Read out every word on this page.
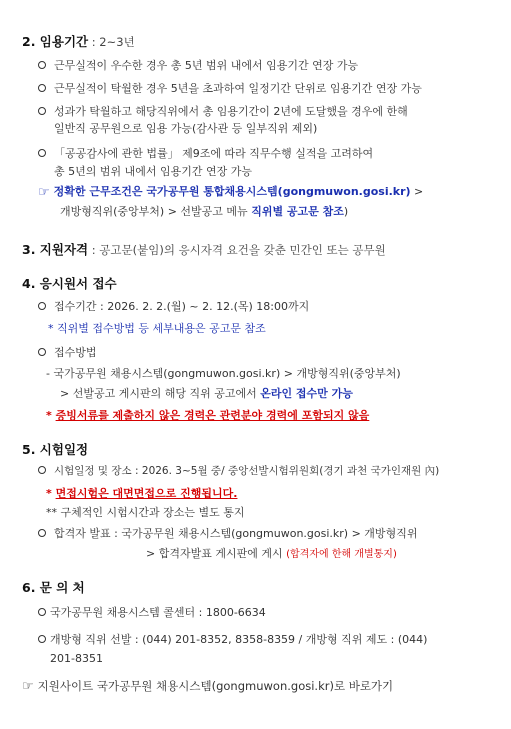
2. 임용기간 : 2~3년
근무실적이 우수한 경우 총 5년 범위 내에서 임용기간 연장 가능
근무실적이 탁월한 경우 5년을 초과하여 일정기간 단위로 임용기간 연장 가능
성과가 탁월하고 해당직위에서 총 임용기간이 2년에 도달했을 경우에 한해
일반직 공무원으로 임용 가능(감사관 등 일부직위 제외)
「공공감사에 관한 법률」 제9조에 따라 직무수행 실적을 고려하여
총 5년의 범위 내에서 임용기간 연장 가능
☞ 정확한 근무조건은 국가공무원 통합채용시스템(gongmuwon.gosi.kr) >
개방형직위(중앙부처) > 선발공고 메뉴 직위별 공고문 참조)
3. 지원자격 : 공고문(붙임)의 응시자격 요건을 갖춘 민간인 또는 공무원
4. 응시원서 접수
접수기간 : 2026. 2. 2.(월) ~ 2. 12.(목) 18:00까지
* 직위별 접수방법 등 세부내용은 공고문 참조
접수방법
- 국가공무원 채용시스템(gongmuwon.gosi.kr) > 개방형직위(중앙부처)
> 선발공고 게시판의 해당 직위 공고에서 온라인 접수만 가능
* 증빙서류를 제출하지 않은 경력은 관련분야 경력에 포함되지 않음
5. 시험일정
시험일정 및 장소 : 2026. 3~5월 중/ 중앙선발시험위원회(경기 과천 국가인재원 內)
* 면접시험은 대면면접으로 진행됩니다.
** 구체적인 시험시간과 장소는 별도 통지
합격자 발표 : 국가공무원 채용시스템(gongmuwon.gosi.kr) > 개방형직위
> 합격자발표 게시판에 게시 (합격자에 한해 개별통지)
6. 문 의 처
국가공무원 채용시스템 콜센터 : 1800-6634
개방형 직위 선발 : (044) 201-8352, 8358-8359 / 개방형 직위 제도 : (044)
201-8351
☞ 지원사이트 국가공무원 채용시스템(gongmuwon.gosi.kr)로 바로가기
